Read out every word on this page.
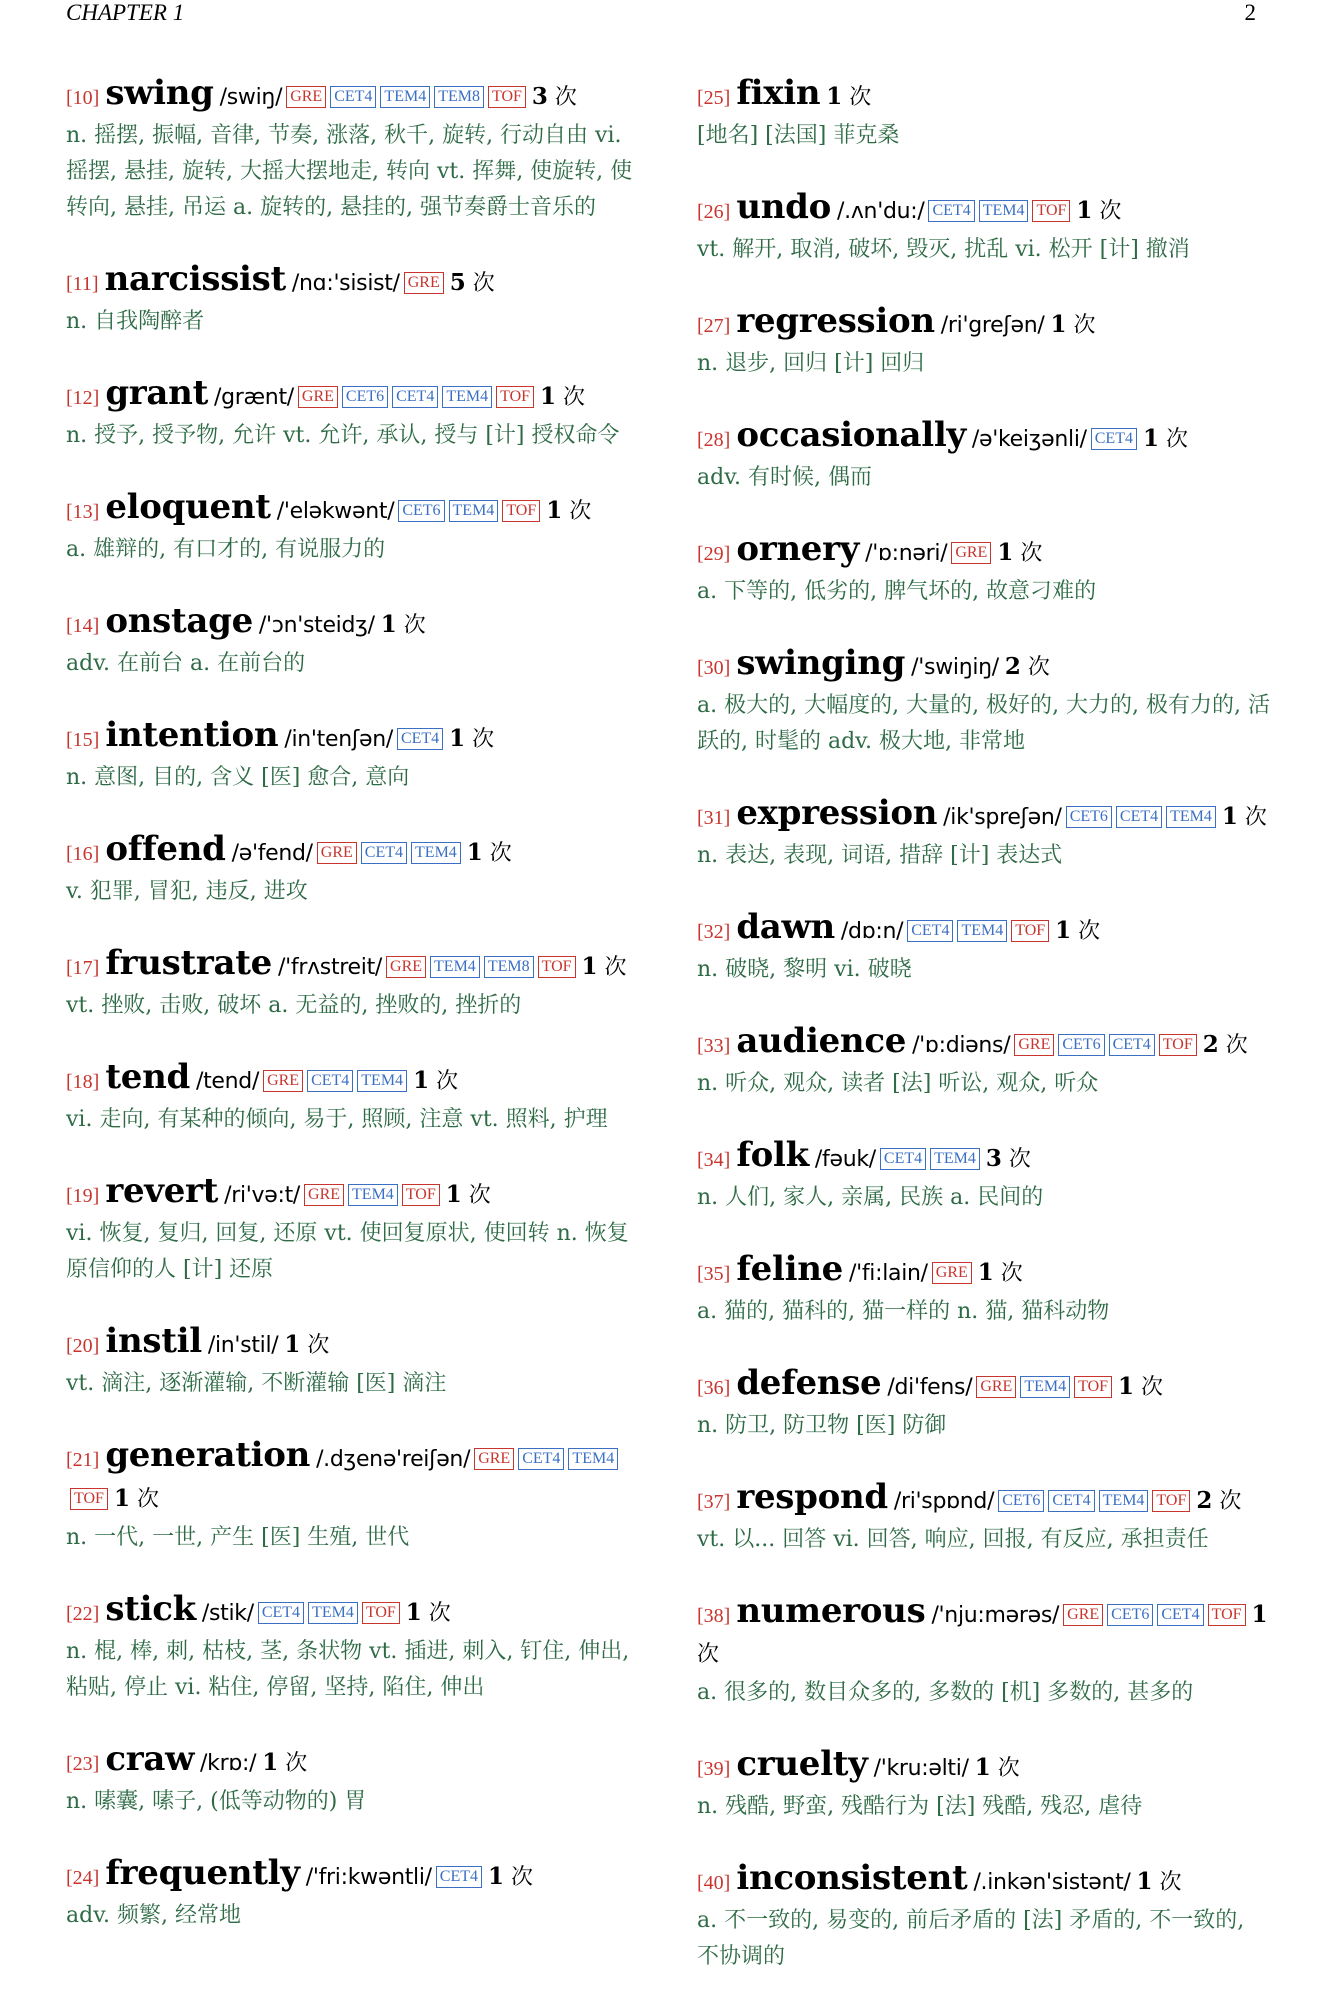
CHAPTER 1	2
[10] swing /swiŋ/ GRE CET4 TEM4 TEM8 TOF 3 次
n. 摇摆, 振幅, 音律, 节奏, 涨落, 秋千, 旋转, 行动自由 vi. 摇摆, 悬挂, 旋转, 大摇大摆地走, 转向 vt. 挥舞, 使旋转, 使转向, 悬挂, 吊运 a. 旋转的, 悬挂的, 强节奏爵士音乐的
[11] narcissist /nɑ:'sisist/ GRE 5 次
n. 自我陶醉者
[12] grant /grænt/ GRE CET6 CET4 TEM4 TOF 1 次
n. 授予, 授予物, 允许 vt. 允许, 承认, 授与 [计] 授权命令
[13] eloquent /'eləkwənt/ CET6 TEM4 TOF 1 次
a. 雄辩的, 有口才的, 有说服力的
[14] onstage /'ɔn'steidʒ/ 1 次
adv. 在前台 a. 在前台的
[15] intention /in'tenʃən/ CET4 1 次
n. 意图, 目的, 含义 [医] 愈合, 意向
[16] offend /ə'fend/ GRE CET4 TEM4 1 次
v. 犯罪, 冒犯, 违反, 进攻
[17] frustrate /'frʌstreit/ GRE TEM4 TEM8 TOF 1 次
vt. 挫败, 击败, 破坏 a. 无益的, 挫败的, 挫折的
[18] tend /tend/ GRE CET4 TEM4 1 次
vi. 走向, 有某种的倾向, 易于, 照顾, 注意 vt. 照料, 护理
[19] revert /ri'və:t/ GRE TEM4 TOF 1 次
vi. 恢复, 复归, 回复, 还原 vt. 使回复原状, 使回转 n. 恢复原信仰的人 [计] 还原
[20] instil /in'stil/ 1 次
vt. 滴注, 逐渐灌输, 不断灌输 [医] 滴注
[21] generation /.dʒenə'reiʃən/ GRE CET4 TEM4TOF 1 次
n. 一代, 一世, 产生 [医] 生殖, 世代
[22] stick /stik/ CET4 TEM4 TOF 1 次
n. 棍, 棒, 刺, 枯枝, 茎, 条状物 vt. 插进, 刺入, 钉住, 伸出, 粘贴, 停止 vi. 粘住, 停留, 坚持, 陷住, 伸出
[23] craw /krɒ:/ 1 次
n. 嗉囊, 嗉子, (低等动物的) 胃
[24] frequently /'fri:kwəntli/ CET4 1 次
adv. 频繁, 经常地
[25] fixin 1 次
[地名] [法国] 菲克桑
[26] undo /.ʌn'du:/ CET4 TEM4 TOF 1 次
vt. 解开, 取消, 破坏, 毁灭, 扰乱 vi. 松开 [计] 撤消
[27] regression /ri'greʃən/ 1 次
n. 退步, 回归 [计] 回归
[28] occasionally /ə'keiʒənli/ CET4 1 次
adv. 有时候, 偶而
[29] ornery /'ɒ:nəri/ GRE 1 次
a. 下等的, 低劣的, 脾气坏的, 故意刁难的
[30] swinging /'swiŋiŋ/ 2 次
a. 极大的, 大幅度的, 大量的, 极好的, 大力的, 极有力的, 活跃的, 时髦的 adv. 极大地, 非常地
[31] expression /ik'spreʃən/ CET6 CET4 TEM4 1 次
n. 表达, 表现, 词语, 措辞 [计] 表达式
[32] dawn /dɒ:n/ CET4 TEM4 TOF 1 次
n. 破晓, 黎明 vi. 破晓
[33] audience /'ɒ:diəns/ GRE CET6 CET4 TOF 2 次
n. 听众, 观众, 读者 [法] 听讼, 观众, 听众
[34] folk /fəuk/ CET4 TEM4 3 次
n. 人们, 家人, 亲属, 民族 a. 民间的
[35] feline /'fi:lain/ GRE 1 次
a. 猫的, 猫科的, 猫一样的 n. 猫, 猫科动物
[36] defense /di'fens/ GRE TEM4 TOF 1 次
n. 防卫, 防卫物 [医] 防御
[37] respond /ri'spɒnd/ CET6 CET4 TEM4 TOF 2 次
vt. 以... 回答 vi. 回答, 响应, 回报, 有反应, 承担责任
[38] numerous /'nju:mərəs/ GRE CET6 CET4 TOF 1 次
a. 很多的, 数目众多的, 多数的 [机] 多数的, 甚多的
[39] cruelty /'kru:əlti/ 1 次
n. 残酷, 野蛮, 残酷行为 [法] 残酷, 残忍, 虐待
[40] inconsistent /.inkən'sistənt/ 1 次
a. 不一致的, 易变的, 前后矛盾的 [法] 矛盾的, 不一致的, 不协调的
